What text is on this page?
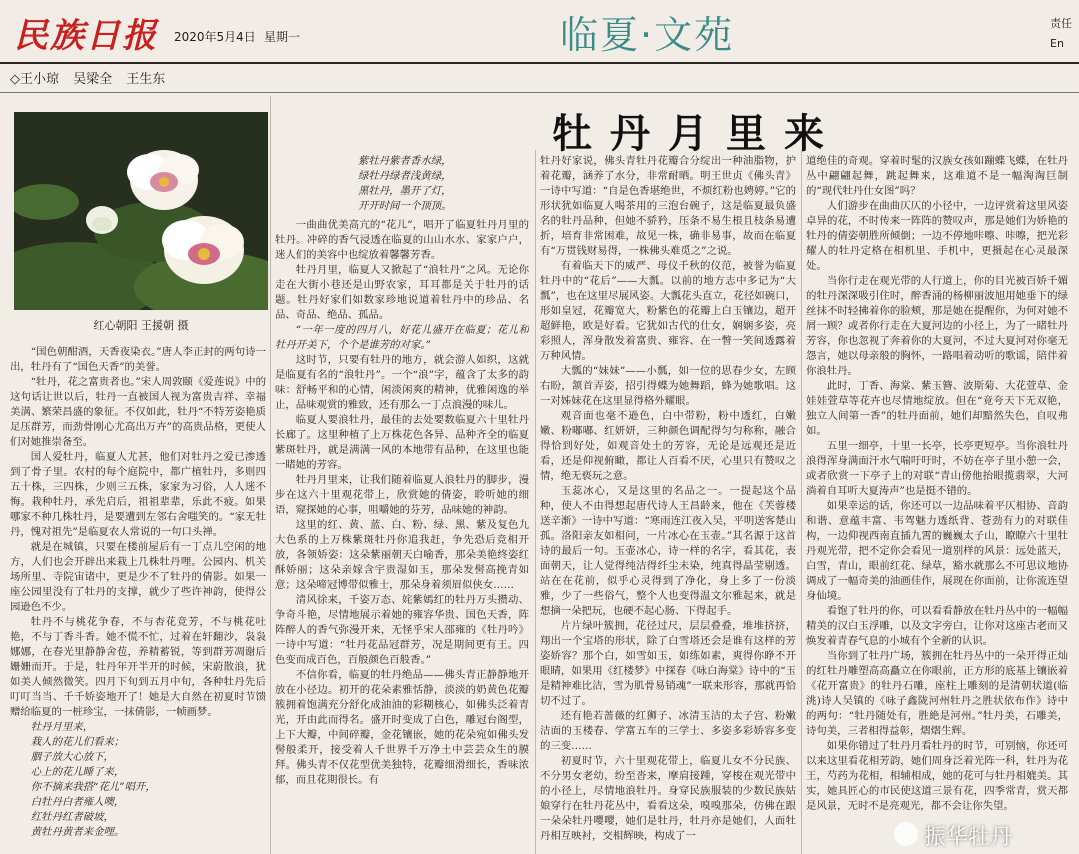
民族日报 2020年5月4日 星期一	临夏·文苑	责任
En
◇王小琼 吴梁全 王生东
红心朝阳 王援朝 摄
牡丹月里来

“国色朝酣酒，天香夜染衣。”唐人李正封的两句诗一出，牡丹有了“国色天香”的美誉。

“牡丹，花之富贵者也。”宋人周敦颐《爱莲说》中的这句话让世以后，牡丹一直被国人视为富贵吉祥、幸福美满、繁荣昌盛的象征。不仅如此，牡丹“不特芳姿艳质足压群芳，而劲骨刚心尤高出万卉”的高贵品格，更使人们对她推崇备至。

国人爱牡丹，临夏人尤甚，他们对牡丹之爱已渗透到了骨子里。农村的每个庭院中，都广植牡丹，多则四五十株，三四株，少则三五株，家家为习俗，人人迷不悔。栽种牡丹，承先启后，祖祖辈辈，乐此不疲。如果哪家不种几株牡丹，是要遭到左邻右舍嗤笑的。“家无牡丹，愧对祖先”是临夏农人常说的一句口头禅。

就是在城镇，只要在楼前屋后有一丁点儿空闲的地方，人们也会开辟出来栽上几株牡丹哩。公园内、机关场所里、寺院宙诸中，更是少不了牡丹的倩影。如果一座公园里没有了牡丹的支撑，就少了些许神韵，使得公园逊色不少。

牡丹不与桃花争春，不与杏花竞芳，不与桃花吐艳，不与丁香斗香。她不慌不忙，过着在轩翻沙，袅袅娜娜，在春光里静静舍苞，养精蓄锐，等到群芳凋谢后姗姗而开。于是，牡丹年开半开的时候，宋蔚散浪，犹如美人倾然微笑。四月下旬到五月中旬，各种牡丹先后叮叮当当、千千娇姿地开了！她是大自然在初夏时节馈赠给临夏的一桩珍宝，一抹倩影，一帧画梦。

牡丹月里来，

栽人的花儿们看来；

胭子放大心放下，

心上的花儿睡了来，

你不摘来我搭“花儿”唱开，

白牡丹白者雍人噢，

红牡丹红者破坡，

黄牡丹黄者来金哩。

紫牡丹紫者香水绿，
绿牡丹绿者浅黄绿，
黑牡丹，墨开了灯，
开开时间一个顶顶。

一曲曲优美高亢的“花儿”，唱开了临夏牡丹月里的牡丹。冲碎的香气浸透在临夏的山山水水、家家户户，迷人们的美容中也绽放着馨馨芳香。

牡丹月里，临夏人又掀起了“浪牡丹”之风。无论你走在大街小巷还是山野农家，耳耳都是关于牡丹的话题。牡丹好家们如数家珍地说道着牡丹中的珍品、名品、奇品、绝品、孤品。

“一年一度的四月八，好花儿盛开在临夏；花儿和牡丹开美下，个个是谁芳的对家。”

这时节，只要有牡丹的地方，就会游人如织，这就是临夏有名的“浪牡丹”。一个“浪”字，蕴含了太多的韵味：舒畅平和的心情，闲淡闲爽的精神，优雅闲逸的举止，品味观赏的雅致，还有那么一丁点浪漫的味儿。

临夏人要浪牡丹，最佳的去处要数临夏六十里牡丹长廊了。这里种植了上万株花色各异、品种齐全的临夏紫斑牡丹，就是满满一风的本地带有品种，在这里也能一睹她的芳容。

牡丹月里来，让我们随着临夏人浪牡丹的脚步，漫步在这六十里观花带上，欣赏她的倩姿，聆听她的细语，窥探她的心事，咀嚼她的芬芳，品味她的神韵。

这里的红、黄、蓝、白、粉、绿、黑、紫及复色九大色系的上万株紫斑牡丹你追我赶，争先恐后竞相开放，各领娇姿：这朵紫丽朝天白喻香，那朵美艳终姿红酥娇丽；这朵亲嫁含宇贵湿如玉，那朵发髻高挽青如意；这朵啼冠博带似雅士，那朵身着须眉似侠女……

清风徐来，千姿万态、姹紫嫣红的牡丹万头攒动、争奇斗艳，尽情地展示着她的雍容华贵、国色天香，阵阵醉人的香气弥漫开来，无怪乎宋人邵雍的《牡丹吟》一诗中写道：“牡丹花品冠群芳，况是期间更有王。四色变而成百色，百般颜色百般香。”

不信你看，临夏的牡丹绝品——佛头青正静静地开放在小径边。初开的花朵素雅恬静，淡淡的奶黄色花瓣簇拥着饱满充分舒化成油油的彩糊核心，如佛头泛着青光，开由此而得名。盛开时变成了白色，雕冠台阁型，上下大瓣，中间碎瓣，金花镶嵌，她的花朵宛如佛头发髻般柔开，接受着人千世界千万净土中芸芸众生的膜拜。佛头青不仅花型优美独特，花瓣细滑细长，香味浓郁，而且花期很长。有

牡丹好家说，佛头青牡丹花瓣合分绽出一种油脂物，护着花瓣，涵养了水分，非常耐晒。明王世贞《佛头青》一诗中写道：“自是色香堪绝世，不烦红粉也娉婷。”它的形状犹如临夏人喝茶用的三泡台碗子，这是临夏最负盛名的牡丹品种，但她不骄矜，压条不易生根且枝条易遭折，培育非常困难，故见一株，确非易事，故而在临夏有“万贯钱财易得，一株佛头难觅之”之说。

有着临天下的威严、母仪千秋的仪范，被誉为临夏牡丹中的“花后”——大瓢。以前的地方志中多记为“大瓢”，也在这里尽展风姿。大瓢花头直立，花径如碗口，形如皇冠，花瓣宽大，粉紫色的花瓣上白玉镶边，超开超鲜艳，欧是好看。它犹如古代的仕女，娴娴多姿，亮彩照人，浑身散发着富贵、雍容、在一瞥一笑间透露着万种风情。

大瓢的“妹妹”——小瓢，如一位的思春少女，左顾右盼，颔首弄姿，招引得蝶为她舞蹈，蜂为她歌唱。这一对姊妹花在这里显得格外耀眼。

观音面也毫不逊色，白中带粉，粉中透红，白嫩嫩、粉嘟嘟、红妍妍，三种颜色调配得匀匀称称，融合得恰到好处，如观音处土的芳容，无论是远观还是近看，还是仰视俯瞰，都让人百看不厌，心里只有赞叹之情，绝无亵玩之意。

玉蕊冰心，又是这里的名品之一。一提起这个品种，使人不由得想起唐代诗人王昌龄来，他在《芙蓉楼送辛渐》一诗中写道：“寒雨连江夜入吴，平明送客楚山孤。洛阳亲友如相问，一片冰心在玉壶。”其名源于这首诗的最后一句。玉壶冰心，诗一样的名字，看其花，表面朝天，让人觉得纯洁得纤尘未染，纯真得晶莹剔透。站在在花前，似乎心灵得到了净化，身上多了一份淡雅，少了一些俗气，整个人也变得温文尔雅起来，就是想摘一朵把玩，也硬不起心肠、下得起手。

片片绿叶簇拥，花径过尺，层层叠叠，堆堆挤挤，翔出一个宝塔的形状，除了白雪塔还会是谁有这样的芳姿娇容？那个白，如雪如玉，如练如素，爽得你睁不开眼睛，如果用《红楼梦》中探春《咏白海棠》诗中的“玉是精神难比洁，雪为肌骨易销魂”一联来形容，那就再恰切不过了。

还有艳若蔷薇的红狮子、冰清玉洁的太子宫、粉嫩洁面的玉楼春、学富五车的三学士、多姿多彩娇容多变的三变……

初夏时节，六十里观花带上，临夏儿女不分民族、不分男女老幼，纷至沓来，摩肩接踵，穿梭在观光带中的小径上，尽情地浪牡丹。身穿民族服装的少数民族姑娘穿行在牡丹花丛中，看看这朵，嗅嗅那朵，仿佛在跟一朵朵牡丹嘤嘤，她们是牡丹，牡丹亦是她们，人面牡丹相互映衬，交相辉映，构成了一

道绝佳的奇观。穿着时髦的汉族女孩如蹦蝶飞蝶，在牡丹丛中翩翩起舞，跳起舞来，这难道不是一幅淘淘巨制的“现代牡丹仕女图”吗？

人们游步在曲曲仄仄的小径中，一边评赏着这里风姿卓异的花，不时传来一阵阵的赞叹声，那是她们为娇艳的牡丹的倩姿朝胜所倾倒；一边不停地咔嚓、咔嚓，把光彩耀人的牡丹定格在相机里、手机中，更摄起在心灵最深处。

当你行走在观光带的人行道上，你的目光被百娇千媚的牡丹深深吸引住时，醉香涌的杨柳丽波旭用她垂下的绿丝抹不时轻拂着你的脸颊，那是她在提醒你，为何对她不屑一顾？或者你行走在大夏河边的小径上，为了一睹牡丹芳容，你也忽视了奔着你的大夏河，不过大夏河对你毫无怨言，她以母亲般的胸怀，一路唱着动听的歌谣，陪伴着你浪牡丹。

此时，丁香、海棠、紫玉簪、波斯菊、大花萱草、金娃娃萱草等花卉也尽情地绽放。但在“竟夸天下无双艳，独立人间第一香”的牡丹面前，她们却黯然失色，自叹弗如。

五里一细亭，十里一长亭，长亭更短亭。当你浪牡丹浪得浑身满面汗水气喘吁吁时，不妨在亭子里小憩一会，或者欣赏一下亭子上的对联“青山傍他抬眼揽翡翠，大河淌着自耳听大夏涛声”也是挺不错的。

如果幸运的话，你还可以一边品味着平仄相协、音韵和谐、意蕴丰富、韦驾魅力透纸背、苍劲有力的对联佳构，一边仰视西南直插九霄的巍巍太子山，瞭瞭六十里牡丹观光带，把不定你会看见一道别样的风景：远处蓝天，白雪，青山，眼前红花、绿草，豁水就那么不可思议地协调成了一幅奇美的油画佳作，展现在你面前，让你流连望身仙境。

看饱了牡丹的你，可以看看静放在牡丹丛中的一幅幅精美的汉白玉浮雕，以及文字旁白，让你对这座古老而又焕发着青春气息的小城有个全新的认识。

当你到了牡丹广场，簇拥在牡丹丛中的一朵开得正灿的红牡丹雕塑高高矗立在你眼前，正方形的底基上镶嵌着《花开富贵》的牡丹石雕，座柱上雕刻的是清朝状道(临洮)诗人吴镇的《咏子鑫陇河州牡丹之胜状依布作》诗中的两句：“牡丹随处有，胜絶是河州。”牡丹美，石雕美，诗句美，三者相得益彰，熠熠生辉。

如果你错过了牡丹月看牡丹的时节，可别恼，你还可以来这里看花相芳韵，她们周身泛着光阵一科，牡丹为花王，芍药为花相，相辅相成，她的花可与牡丹相媲美。其实，她具匠心的市民使这道三景有花，四季常青，赏天都是风景，无时不是亮观光，都不会让你失望。

振华牡丹
